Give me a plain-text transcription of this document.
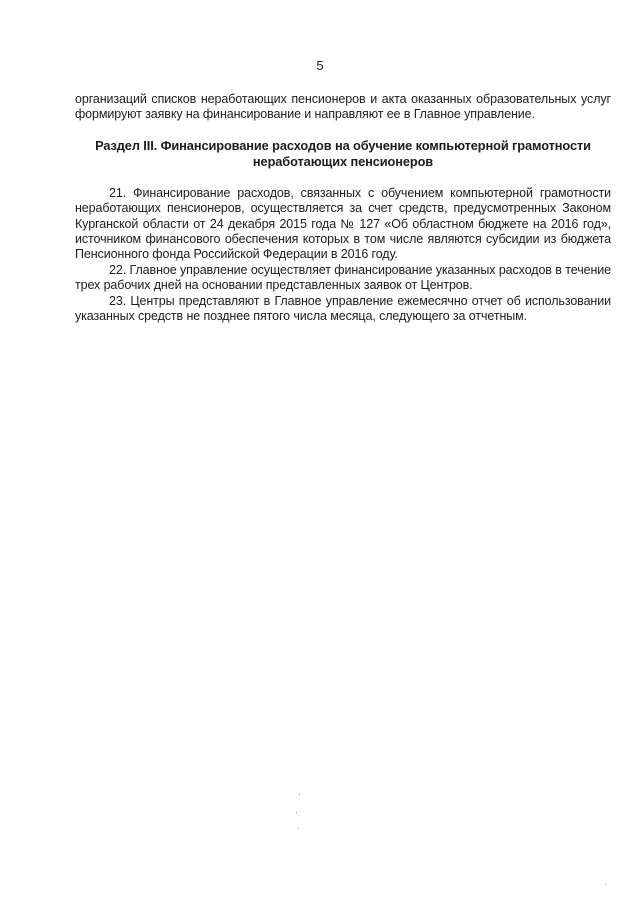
5

организаций списков неработающих пенсионеров и акта оказанных образовательных услуг формируют заявку на финансирование и направляют ее в Главное управление.

Раздел III. Финансирование расходов на обучение компьютерной грамотности
неработающих пенсионеров

21. Финансирование расходов, связанных с обучением компьютерной грамотности неработающих пенсионеров, осуществляется за счет средств, предусмотренных Законом Курганской области от 24 декабря 2015 года № 127 «Об областном бюджете на 2016 год», источником финансового обеспечения которых в том числе являются субсидии из бюджета Пенсионного фонда Российской Федерации в 2016 году.

22. Главное управление осуществляет финансирование указанных расходов в течение трех рабочих дней на основании представленных заявок от Центров.

23. Центры представляют в Главное управление ежемесячно отчет об использовании указанных средств не позднее пятого числа месяца, следующего за отчетным.
